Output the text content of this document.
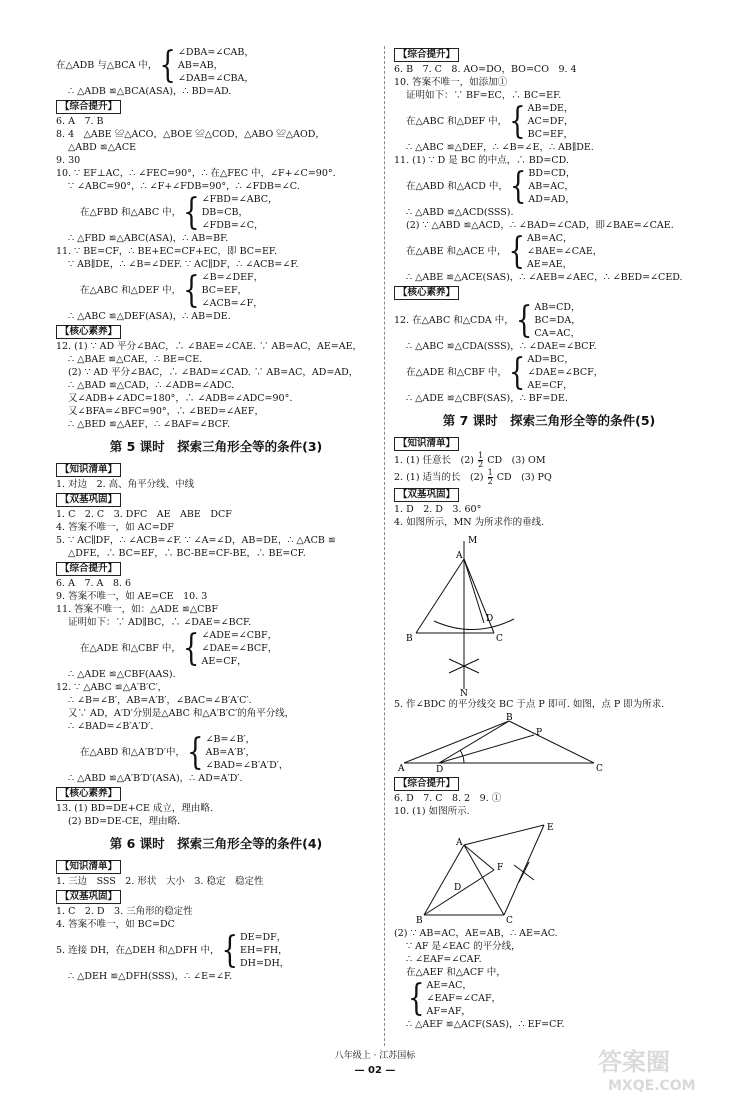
在△ADB 与△BCA 中， { ∠DBA=∠CAB，
AB=AB，
∠DAB=∠CBA，
∴ △ADB ≌△BCA(ASA)，∴ BD=AD.
【综合提升】
6. A　7. B
8. 4　△ABE ≌△ACO，△BOE ≌△COD，△ABO ≌△AOD，
△ABD ≌△ACE
9. 30
10. ∵ EF⊥AC，∴ ∠FEC=90°，∴ 在△FEC 中，∠F+∠C=90°.
∵ ∠ABC=90°，∴ ∠F+∠FDB=90°，∴ ∠FDB=∠C.
在△FBD 和△ABC 中， { ∠FBD=∠ABC，
DB=CB，
∠FDB=∠C，
∴ △FBD ≌△ABC(ASA)，∴ AB=BF.
11. ∵ BE=CF，∴ BE+EC=CF+EC，即 BC=EF.
∵ AB∥DE，∴ ∠B=∠DEF. ∵ AC∥DF，∴ ∠ACB=∠F.
在△ABC 和△DEF 中， { ∠B=∠DEF，
BC=EF，
∠ACB=∠F，
∴ △ABC ≌△DEF(ASA)，∴ AB=DE.
【核心素养】
12. (1) ∵ AD 平分∠BAC，∴ ∠BAE=∠CAE. ∵ AB=AC，AE=AE，
∴ △BAE ≌△CAE，∴ BE=CE.
(2) ∵ AD 平分∠BAC，∴ ∠BAD=∠CAD. ∵ AB=AC，AD=AD，
∴ △BAD ≌△CAD，∴ ∠ADB=∠ADC.
又∠ADB+∠ADC=180°，∴ ∠ADB=∠ADC=90°.
又∠BFA=∠BFC=90°，∴ ∠BED=∠AEF，
∴ △BED ≌△AEF，∴ ∠BAF=∠BCF.
第 5 课时　探索三角形全等的条件(3)
【知识清单】
1. 对边　2. 高、角平分线、中线
【双基巩固】
1. C　2. C　3. DFC　AE　ABE　DCF
4. 答案不唯一，如 AC=DF
5. ∵ AC∥DF，∴ ∠ACB=∠F. ∵ ∠A=∠D，AB=DE，∴ △ACB ≌
△DFE，∴ BC=EF，∴ BC-BE=CF-BE，∴ BE=CF.
【综合提升】
6. A　7. A　8. 6
9. 答案不唯一，如 AE=CE　10. 3
11. 答案不唯一，如：△ADE ≌△CBF
证明如下：∵ AD∥BC，∴ ∠DAE=∠BCF.
在△ADE 和△CBF 中， { ∠ADE=∠CBF，
∠DAE=∠BCF，
AE=CF，
∴ △ADE ≌△CBF(AAS).
12. ∵ △ABC ≌△A′B′C′，
∴ ∠B=∠B′，AB=A′B′，∠BAC=∠B′A′C′.
又∵ AD，A′D′分别是△ABC 和△A′B′C′的角平分线，
∴ ∠BAD=∠B′A′D′.
在△ABD 和△A′B′D′中， { ∠B=∠B′，
AB=A′B′，
∠BAD=∠B′A′D′，
∴ △ABD ≌△A′B′D′(ASA)，∴ AD=A′D′.
【核心素养】
13. (1) BD=DE+CE 成立，理由略.
(2) BD=DE-CE，理由略.
第 6 课时　探索三角形全等的条件(4)
【知识清单】
1. 三边　SSS　2. 形状　大小　3. 稳定　稳定性
【双基巩固】
1. C　2. D　3. 三角形的稳定性
4. 答案不唯一，如 BC=DC
5. 连接 DH，在△DEH 和△DFH 中， { DE=DF，
EH=FH，
DH=DH，
∴ △DEH ≌△DFH(SSS)，∴ ∠E=∠F.
【综合提升】
6. B　7. C　8. AO=DO，BO=CO　9. 4
10. 答案不唯一，如添加①
证明如下：∵ BF=EC，∴ BC=EF.
在△ABC 和△DEF 中， { AB=DE，
AC=DF，
BC=EF，
∴ △ABC ≌△DEF，∴ ∠B=∠E，∴ AB∥DE.
11. (1) ∵ D 是 BC 的中点，∴ BD=CD.
在△ABD 和△ACD 中， { BD=CD，
AB=AC，
AD=AD，
∴ △ABD ≌△ACD(SSS).
(2) ∵ △ABD ≌△ACD，∴ ∠BAD=∠CAD，即∠BAE=∠CAE.
在△ABE 和△ACE 中， { AB=AC，
∠BAE=∠CAE，
AE=AE，
∴ △ABE ≌△ACE(SAS)，∴ ∠AEB=∠AEC，∴ ∠BED=∠CED.
【核心素养】
12. 在△ABC 和△CDA 中， { AB=CD，
BC=DA，
CA=AC，
∴ △ABC ≌△CDA(SSS)，∴ ∠DAE=∠BCF.
在△ADE 和△CBF 中， { AD=BC，
∠DAE=∠BCF，
AE=CF，
∴ △ADE ≌△CBF(SAS)，∴ BF=DE.
第 7 课时　探索三角形全等的条件(5)
【知识清单】
1. (1) 任意长　$(2) \frac{1}{2}$ CD　(3) OM
2. (1) 适当的长　$(2) \frac{1}{2}$ CD　(3) PQ
【双基巩固】
1. D　2. D　3. 60°
4. 如图所示，MN 为所求作的垂线.
A
M
B	C
D
N
5. 作∠BDC 的平分线交 BC 于点 P 即可. 如图，点 P 即为所求.
A
B
C
D
P
【综合提升】
6. D　7. C　8. 2　9. ①
10. (1) 如图所示.
A
B	C
D
E
F
(2) ∵ AB=AC，AE=AB，∴ AE=AC.
∵ AF 是∠EAC 的平分线，
∴ ∠EAF=∠CAF.
在△AEF 和△ACF 中，
{ AE=AC，
∠EAF=∠CAF，
AF=AF，
∴ △AEF ≌△ACF(SAS)，∴ EF=CF.
八年级上 · 江苏国标
— 02 —	答案圈
MXQE.COM
